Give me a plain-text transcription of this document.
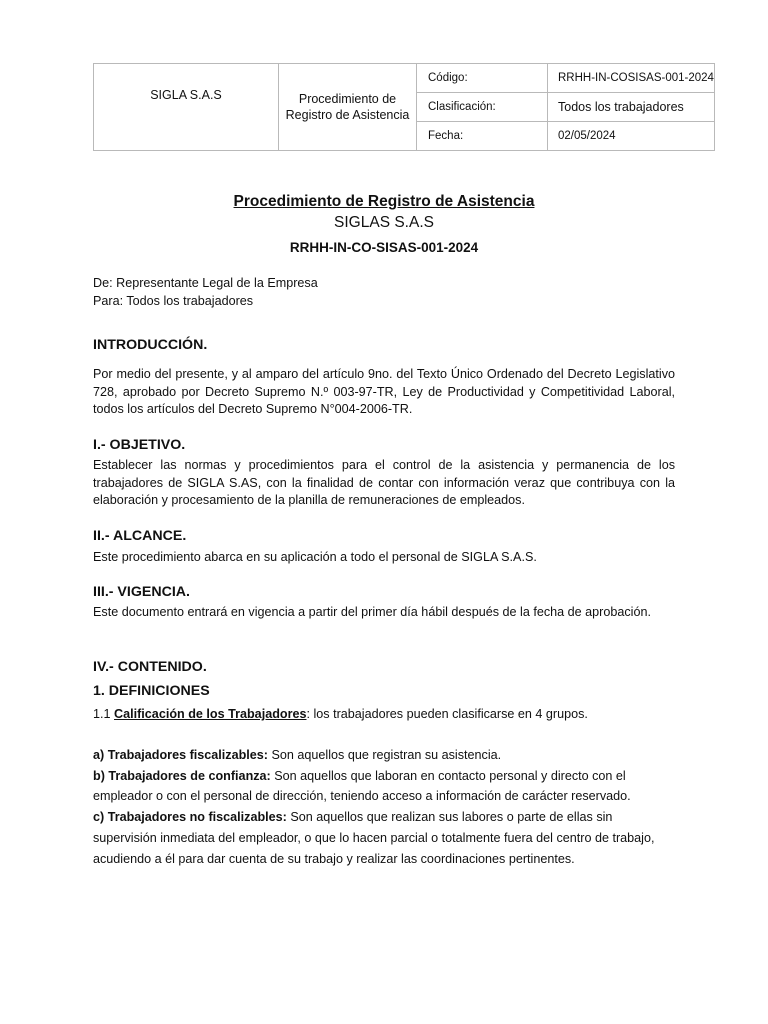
SIGLA S.A.S	Procedimiento de Registro de Asistencia	Código:	RRHH-IN-COSISAS-001-2024
		Clasificación:	Todos los trabajadores
		Fecha:	02/05/2024
Procedimiento de Registro de Asistencia
SIGLAS S.A.S
RRHH-IN-CO-SISAS-001-2024
De: Representante Legal de la Empresa
Para: Todos los trabajadores
INTRODUCCIÓN.
Por medio del presente, y al amparo del artículo 9no. del Texto Único Ordenado del Decreto Legislativo 728, aprobado por Decreto Supremo N.º 003-97-TR, Ley de Productividad y Competitividad Laboral, todos los artículos del Decreto Supremo N°004-2006-TR.
I.- OBJETIVO.
Establecer las normas y procedimientos para el control de la asistencia y permanencia de los trabajadores de SIGLA S.AS, con la finalidad de contar con información veraz que contribuya con la elaboración y procesamiento de la planilla de remuneraciones de empleados.
II.- ALCANCE.
Este procedimiento abarca en su aplicación a todo el personal de SIGLA S.A.S.
III.- VIGENCIA.
Este documento entrará en vigencia a partir del primer día hábil después de la fecha de aprobación.
IV.- CONTENIDO.
1. DEFINICIONES
1.1 Calificación de los Trabajadores: los trabajadores pueden clasificarse en 4 grupos.
a) Trabajadores fiscalizables: Son aquellos que registran su asistencia.
b) Trabajadores de confianza: Son aquellos que laboran en contacto personal y directo con el empleador o con el personal de dirección, teniendo acceso a información de carácter reservado.
c) Trabajadores no fiscalizables: Son aquellos que realizan sus labores o parte de ellas sin supervisión inmediata del empleador, o que lo hacen parcial o totalmente fuera del centro de trabajo, acudiendo a él para dar cuenta de su trabajo y realizar las coordinaciones pertinentes.
